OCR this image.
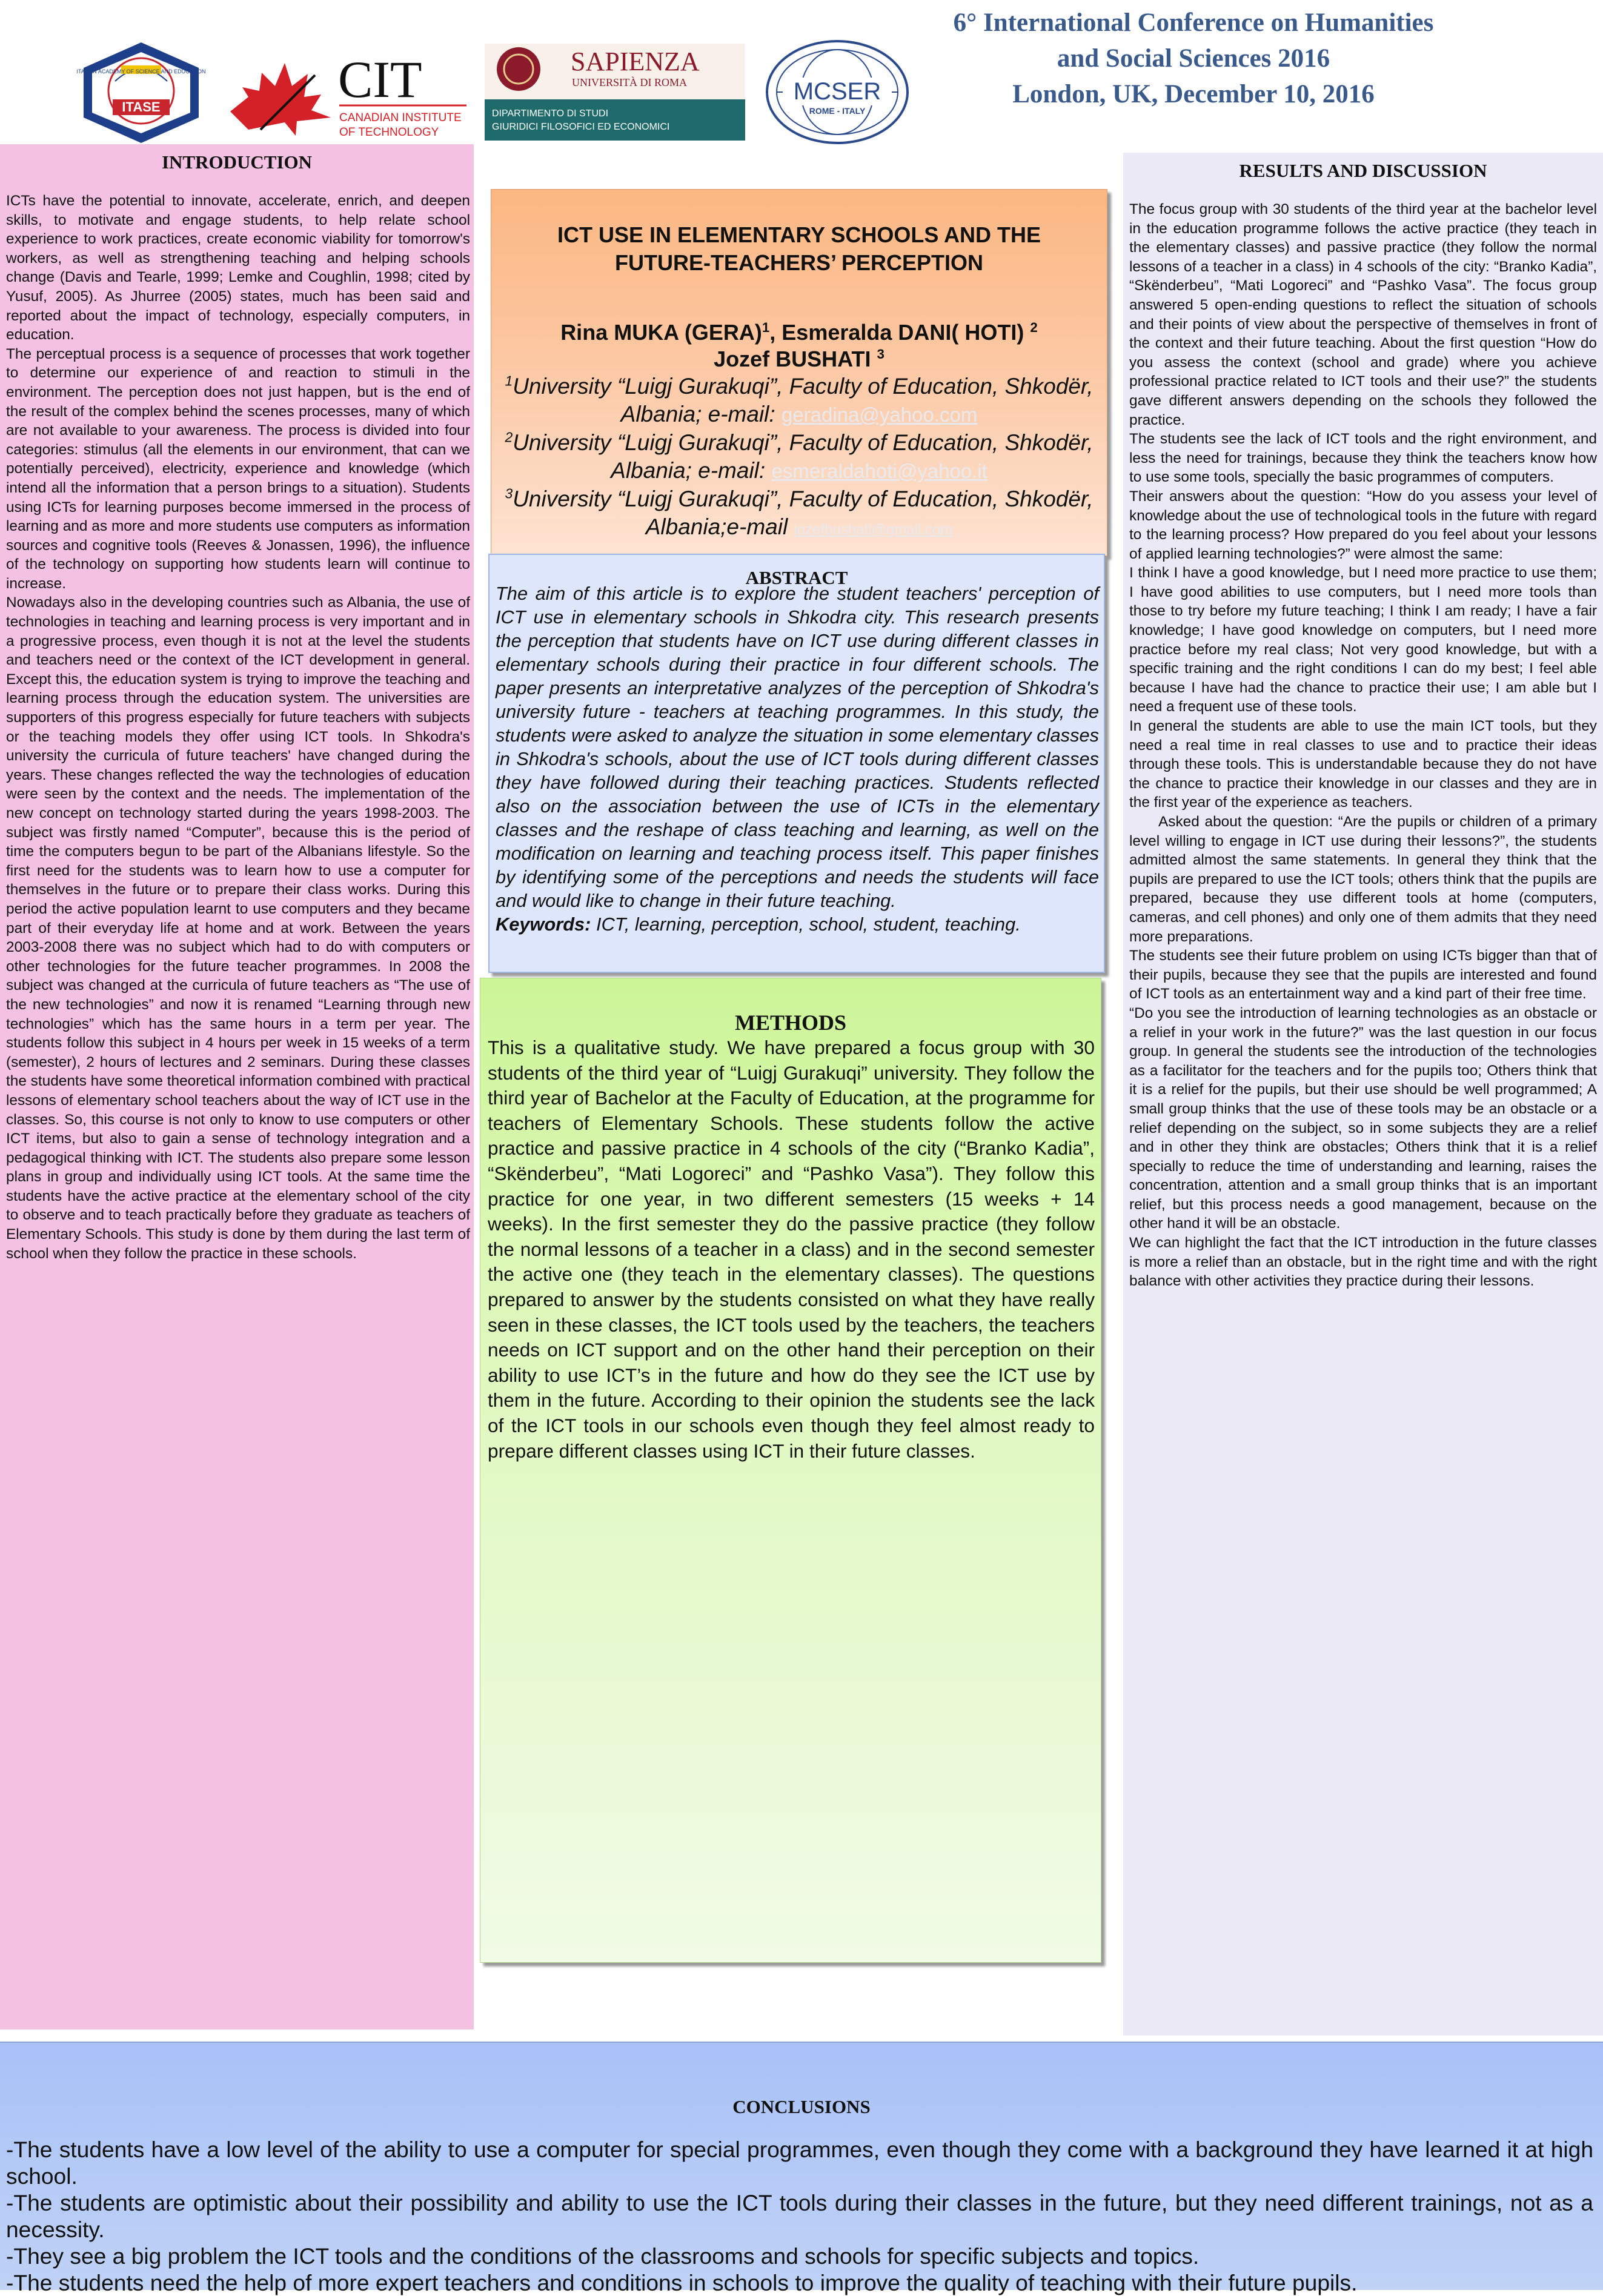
6° International Conference on Humanities
and Social Sciences 2016
London, UK, December 10, 2016
ITALIAN ACADEMY OF SCIENCE AND EDUCATION
ITASE	CIT
CANADIAN INSTITUTE
OF TECHNOLOGY
SAPIENZA
UNIVERSITÀ DI ROMA
DIPARTIMENTO DI STUDI
GIURIDICI FILOSOFICI ED ECONOMICI
MCSER
ROME - ITALY
INTRODUCTION

ICTs have the potential to innovate, accelerate, enrich, and deepen skills, to motivate and engage students, to help relate school experience to work practices, create economic viability for tomorrow's workers, as well as strengthening teaching and helping schools change (Davis and Tearle, 1999; Lemke and Coughlin, 1998; cited by Yusuf, 2005). As Jhurree (2005) states, much has been said and reported about the impact of technology, especially computers, in education.

The perceptual process is a sequence of processes that work together to determine our experience of and reaction to stimuli in the environment. The perception does not just happen, but is the end of the result of the complex behind the scenes processes, many of which are not available to your awareness. The process is divided into four categories: stimulus (all the elements in our environment, that can we potentially perceived), electricity, experience and knowledge (which intend all the information that a person brings to a situation). Students using ICTs for learning purposes become immersed in the process of learning and as more and more students use computers as information sources and cognitive tools (Reeves & Jonassen, 1996), the influence of the technology on supporting how students learn will continue to increase.

Nowadays also in the developing countries such as Albania, the use of technologies in teaching and learning process is very important and in a progressive process, even though it is not at the level the students and teachers need or the context of the ICT development in general. Except this, the education system is trying to improve the teaching and learning process through the education system. The universities are supporters of this progress especially for future teachers with subjects or the teaching models they offer using ICT tools. In Shkodra's university the curricula of future teachers' have changed during the years. These changes reflected the way the technologies of education were seen by the context and the needs. The implementation of the new concept on technology started during the years 1998-2003. The subject was firstly named “Computer”, because this is the period of time the computers begun to be part of the Albanians lifestyle. So the first need for the students was to learn how to use a computer for themselves in the future or to prepare their class works. During this period the active population learnt to use computers and they became part of their everyday life at home and at work. Between the years 2003-2008 there was no subject which had to do with computers or other technologies for the future teacher programmes. In 2008 the subject was changed at the curricula of future teachers as “The use of the new technologies” and now it is renamed “Learning through new technologies” which has the same hours in a term per year. The students follow this subject in 4 hours per week in 15 weeks of a term (semester), 2 hours of lectures and 2 seminars. During these classes the students have some theoretical information combined with practical lessons of elementary school teachers about the way of ICT use in the classes. So, this course is not only to know to use computers or other ICT items, but also to gain a sense of technology integration and a pedagogical thinking with ICT. The students also prepare some lesson plans in group and individually using ICT tools. At the same time the students have the active practice at the elementary school of the city to observe and to teach practically before they graduate as teachers of Elementary Schools. This study is done by them during the last term of school when they follow the practice in these schools.

ICT USE IN ELEMENTARY SCHOOLS AND THE
FUTURE-TEACHERS’ PERCEPTION
Rina MUKA (GERA)$^1$, Esmeralda DANI( HOTI) $^2$
Jozef BUSHATI $^3$
$^1$University “Luigj Gurakuqi”, Faculty of Education, Shkodër,
Albania; e-mail: geradina@yahoo.com
$^2$University “Luigj Gurakuqi”, Faculty of Education, Shkodër,
Albania; e-mail: esmeraldahoti@yahoo.it
$^3$University “Luigj Gurakuqi”, Faculty of Education, Shkodër,
Albania;e-mail jozefbushati@gmail.com
ABSTRACT

The aim of this article is to explore the student teachers' perception of ICT use in elementary schools in Shkodra city. This research presents the perception that students have on ICT use during different classes in elementary schools during their practice in four different schools. The paper presents an interpretative analyzes of the perception of Shkodra's university future - teachers at teaching programmes. In this study, the students were asked to analyze the situation in some elementary classes in Shkodra's schools, about the use of ICT tools during different classes they have followed during their teaching practices. Students reflected also on the association between the use of ICTs in the elementary classes and the reshape of class teaching and learning, as well on the modification on learning and teaching process itself. This paper finishes by identifying some of the perceptions and needs the students will face and would like to change in their future teaching.

Keywords: ICT, learning, perception, school, student, teaching.

METHODS

This is a qualitative study. We have prepared a focus group with 30 students of the third year of “Luigj Gurakuqi” university. They follow the third year of Bachelor at the Faculty of Education, at the programme for teachers of Elementary Schools. These students follow the active practice and passive practice in 4 schools of the city (“Branko Kadia”, “Skënderbeu”, “Mati Logoreci” and “Pashko Vasa”). They follow this practice for one year, in two different semesters (15 weeks + 14 weeks). In the first semester they do the passive practice (they follow the normal lessons of a teacher in a class) and in the second semester the active one (they teach in the elementary classes). The questions prepared to answer by the students consisted on what they have really seen in these classes, the ICT tools used by the teachers, the teachers needs on ICT support and on the other hand their perception on their ability to use ICT’s in the future and how do they see the ICT use by them in the future. According to their opinion the students see the lack of the ICT tools in our schools even though they feel almost ready to prepare different classes using ICT in their future classes.

RESULTS AND DISCUSSION

The focus group with 30 students of the third year at the bachelor level in the education programme follows the active practice (they teach in the elementary classes) and passive practice (they follow the normal lessons of a teacher in a class) in 4 schools of the city: “Branko Kadia”, “Skënderbeu”, “Mati Logoreci” and “Pashko Vasa”. The focus group answered 5 open-ending questions to reflect the situation of schools and their points of view about the perspective of themselves in front of the context and their future teaching. About the first question “How do you assess the context (school and grade) where you achieve professional practice related to ICT tools and their use?” the students gave different answers depending on the schools they followed the practice.

The students see the lack of ICT tools and the right environment, and less the need for trainings, because they think the teachers know how to use some tools, specially the basic programmes of computers.

Their answers about the question: “How do you assess your level of knowledge about the use of technological tools in the future with regard to the learning process? How prepared do you feel about your lessons of applied learning technologies?” were almost the same:

I think I have a good knowledge, but I need more practice to use them; I have good abilities to use computers, but I need more tools than those to try before my future teaching; I think I am ready; I have a fair knowledge; I have good knowledge on computers, but I need more practice before my real class; Not very good knowledge, but with a specific training and the right conditions I can do my best; I feel able because I have had the chance to practice their use; I am able but I need a frequent use of these tools.

In general the students are able to use the main ICT tools, but they need a real time in real classes to use and to practice their ideas through these tools. This is understandable because they do not have the chance to practice their knowledge in our classes and they are in the first year of the experience as teachers.

Asked about the question: “Are the pupils or children of a primary level willing to engage in ICT use during their lessons?”, the students admitted almost the same statements. In general they think that the pupils are prepared to use the ICT tools; others think that the pupils are prepared, because they use different tools at home (computers, cameras, and cell phones) and only one of them admits that they need more preparations.

The students see their future problem on using ICTs bigger than that of their pupils, because they see that the pupils are interested and found of ICT tools as an entertainment way and a kind part of their free time.

“Do you see the introduction of learning technologies as an obstacle or a relief in your work in the future?” was the last question in our focus group. In general the students see the introduction of the technologies as a facilitator for the teachers and for the pupils too; Others think that it is a relief for the pupils, but their use should be well programmed; A small group thinks that the use of these tools may be an obstacle or a relief depending on the subject, so in some subjects they are a relief and in other they think are obstacles; Others think that it is a relief specially to reduce the time of understanding and learning, raises the concentration, attention and a small group thinks that is an important relief, but this process needs a good management, because on the other hand it will be an obstacle.

We can highlight the fact that the ICT introduction in the future classes is more a relief than an obstacle, but in the right time and with the right balance with other activities they practice during their lessons.

CONCLUSIONS

-The students have a low level of the ability to use a computer for special programmes, even though they come with a background they have learned it at high school.

-The students are optimistic about their possibility and ability to use the ICT tools during their classes in the future, but they need different trainings, not as a necessity.

-They see a big problem the ICT tools and the conditions of the classrooms and schools for specific subjects and topics.

-The students need the help of more expert teachers and conditions in schools to improve the quality of teaching with their future pupils.
